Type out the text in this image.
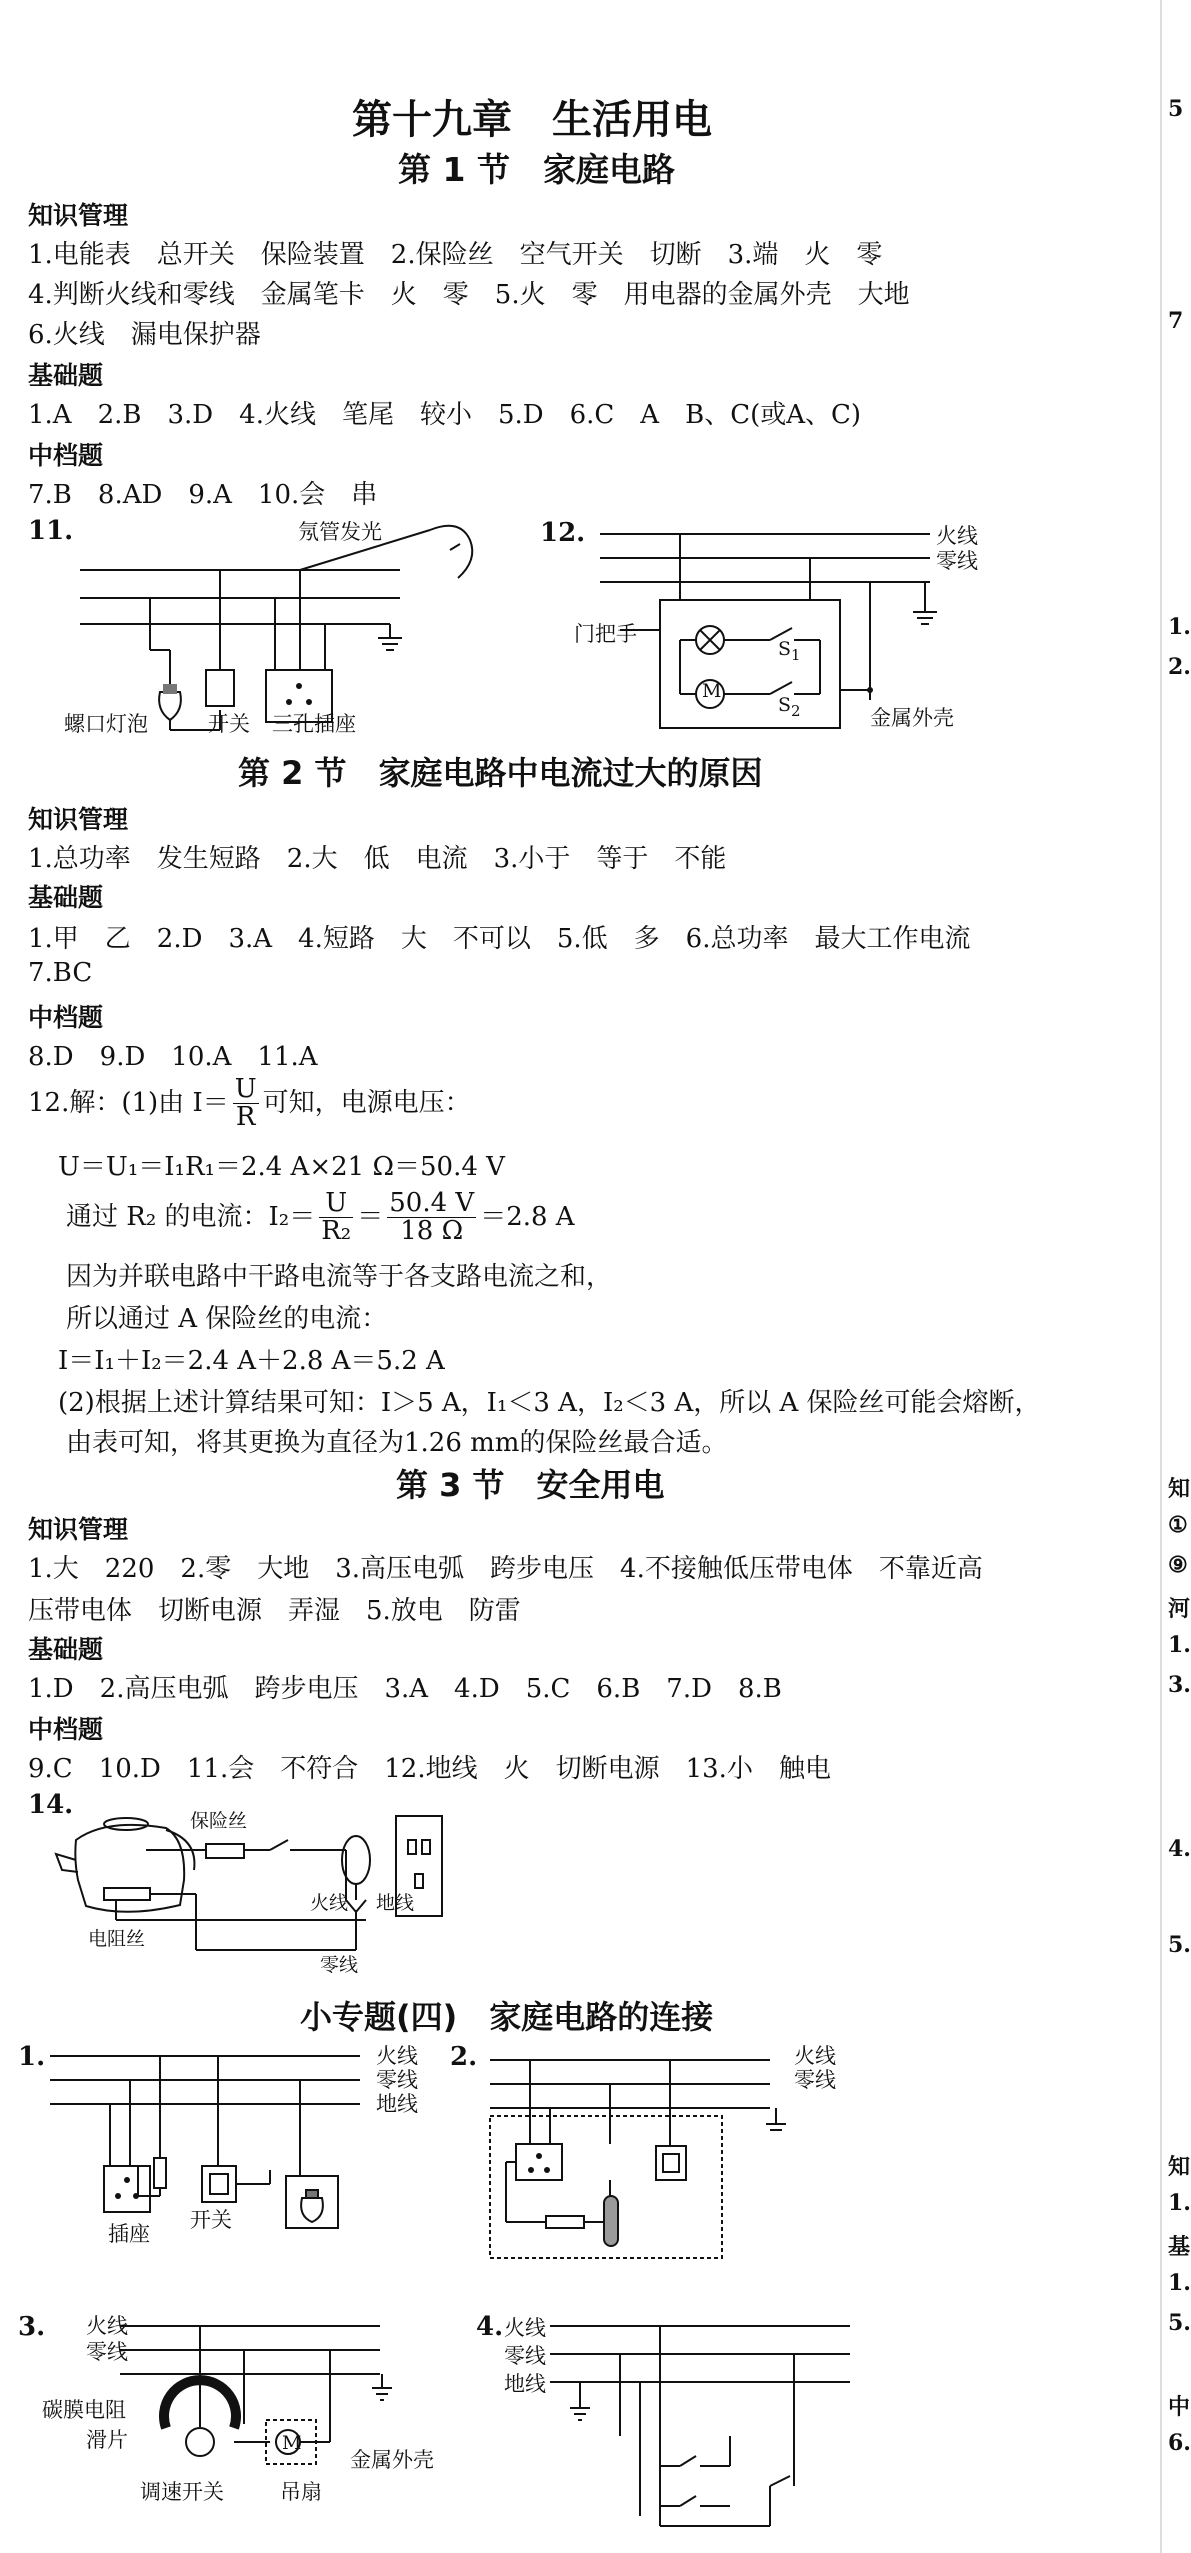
第十九章　生活用电
第 1 节　家庭电路
知识管理
1.电能表　总开关　保险装置　2.保险丝　空气开关　切断　3.端　火　零
4.判断火线和零线　金属笔卡　火　零　5.火　零　用电器的金属外壳　大地
6.火线　漏电保护器
基础题
1.A　2.B　3.D　4.火线　笔尾　较小　5.D　6.C　A　B、C(或A、C)
中档题
7.B　8.AD　9.A　10.会　串
11.	氖管发光
螺口灯泡	开关 三孔插座
12.	火线
零线
门把手
M
$S_1$
$S_2$	金属外壳
第 2 节　家庭电路中电流过大的原因
知识管理
1.总功率　发生短路　2.大　低　电流　3.小于　等于　不能
基础题
1.甲　乙　2.D　3.A　4.短路　大　不可以　5.低　多　6.总功率　最大工作电流
7.BC
中档题
8.D　9.D　10.A　11.A
12.解：(1)由 $I= \frac{U}{R}$ 可知，电源电压：
U＝U₁＝I₁R₁＝2.4 A×21 Ω＝50.4 V
通过 R₂ 的电流：$I_2= \frac{U}{\text{R₂}} = \frac{50.4 V}{18 \Omega} =2.8$ A
因为并联电路中干路电流等于各支路电流之和，
所以通过 A 保险丝的电流：
I＝I₁＋I₂＝2.4 A＋2.8 A＝5.2 A
(2)根据上述计算结果可知：I＞5 A，I₁＜3 A，I₂＜3 A，所以 A 保险丝可能会熔断，
由表可知，将其更换为直径为1.26 mm的保险丝最合适。
第 3 节　安全用电
知识管理
1.大　220　2.零　大地　3.高压电弧　跨步电压　4.不接触低压带电体　不靠近高
压带电体　切断电源　弄湿　5.放电　防雷
基础题
1.D　2.高压电弧　跨步电压　3.A　4.D　5.C　6.B　7.D　8.B
中档题
9.C　10.D　11.会　不符合　12.地线　火　切断电源　13.小　触电
14.
保险丝
电阻丝
火线 地线
零线
小专题(四)　家庭电路的连接
1.	火线
零线
地线
插座
开关
2.	火线
零线
3. 火线
零线
碳膜电阻
滑片
调速开关
M
吊扇
金属外壳
4. 火线
零线
地线
5
7
1.
2.
知
①
⑨
河
1.
3.
4.
5.
知
1.
基
1.
5.
中
6.
